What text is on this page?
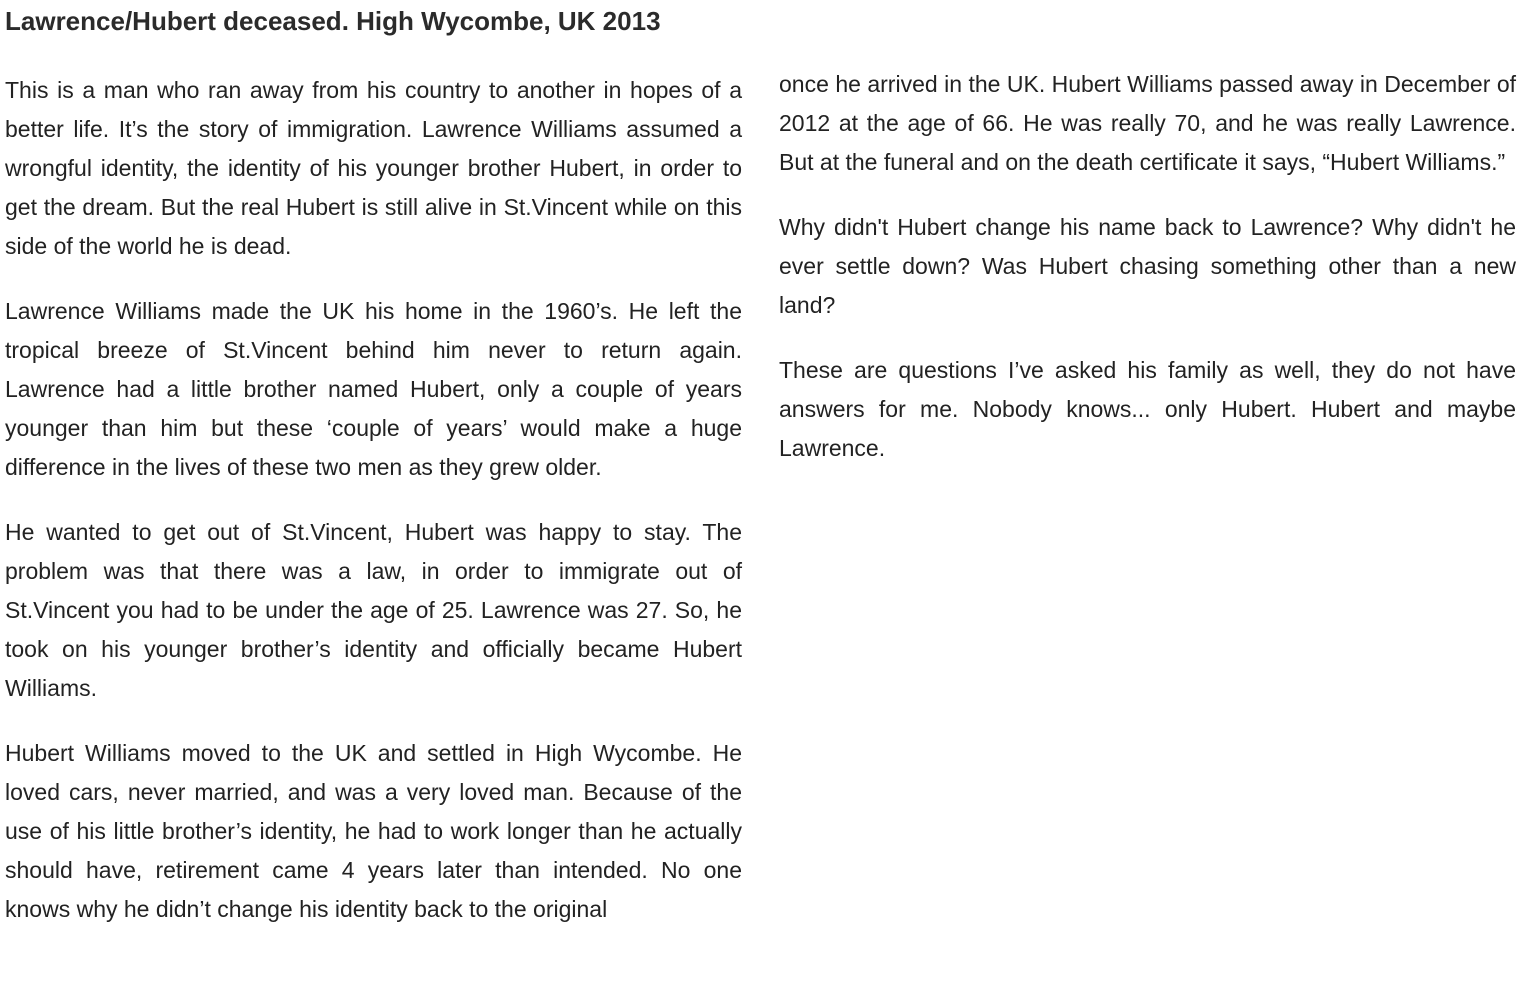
Lawrence/Hubert deceased. High Wycombe, UK 2013

This is a man who ran away from his country to another in hopes of a better life. It’s the story of immigration. Lawrence Williams assumed a wrongful identity, the identity of his younger brother Hubert, in order to get the dream. But the real Hubert is still alive in St.Vincent while on this side of the world he is dead.

Lawrence Williams made the UK his home in the 1960’s. He left the tropical breeze of St.Vincent behind him never to return again. Lawrence had a little brother named Hubert, only a couple of years younger than him but these ‘couple of years’ would make a huge difference in the lives of these two men as they grew older.

He wanted to get out of St.Vincent, Hubert was happy to stay. The problem was that there was a law, in order to immigrate out of St.Vincent you had to be under the age of 25. Lawrence was 27. So, he took on his younger brother’s identity and officially became Hubert Williams.

Hubert Williams moved to the UK and settled in High Wycombe. He loved cars, never married, and was a very loved man. Because of the use of his little brother’s identity, he had to work longer than he actually should have, retirement came 4 years later than intended. No one knows why he didn’t change his identity back to the original

once he arrived in the UK. Hubert Williams passed away in December of 2012 at the age of 66. He was really 70, and he was really Lawrence. But at the funeral and on the death certificate it says, “Hubert Williams.”

Why didn't Hubert change his name back to Lawrence? Why didn't he ever settle down? Was Hubert chasing something other than a new land?

These are questions I’ve asked his family as well, they do not have answers for me. Nobody knows... only Hubert. Hubert and maybe Lawrence.
